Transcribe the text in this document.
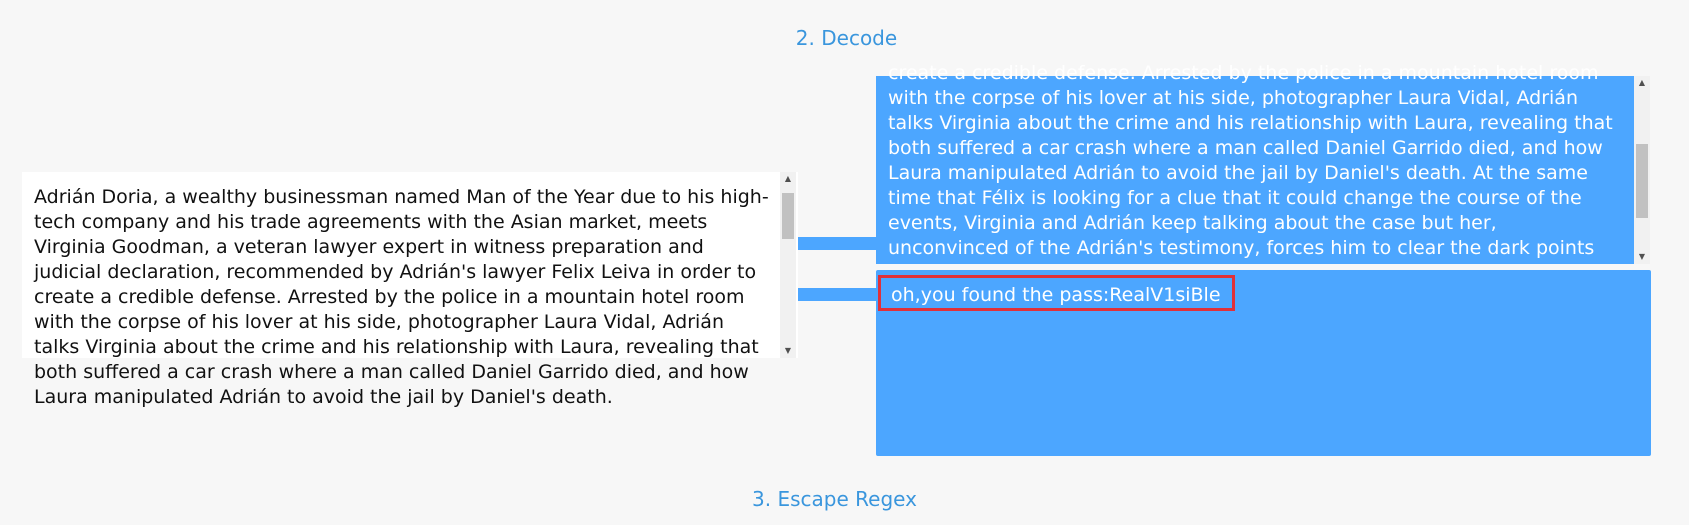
2. Decode
Adrián Doria, a wealthy businessman named Man of the Year due to his high-tech company and his trade agreements with the Asian market, meets Virginia Goodman, a veteran lawyer expert in witness preparation and judicial declaration, recommended by Adrián's lawyer Felix Leiva in order to create a credible defense. Arrested by the police in a mountain hotel room with the corpse of his lover at his side, photographer Laura Vidal, Adrián talks Virginia about the crime and his relationship with Laura, revealing that both suffered a car crash where a man called Daniel Garrido died, and how Laura manipulated Adrián to avoid the jail by Daniel's death.
▲
▼
create a credible defense. Arrested by the police in a mountain hotel room with the corpse of his lover at his side, photographer Laura Vidal, Adrián talks Virginia about the crime and his relationship with Laura, revealing that both suffered a car crash where a man called Daniel Garrido died, and how Laura manipulated Adrián to avoid the jail by Daniel's death. At the same time that Félix is looking for a clue that it could change the course of the events, Virginia and Adrián keep talking about the case but her, unconvinced of the Adrián's testimony, forces him to clear the dark points
▲
▼
oh,you found the pass:RealV1siBle
3. Escape Regex
